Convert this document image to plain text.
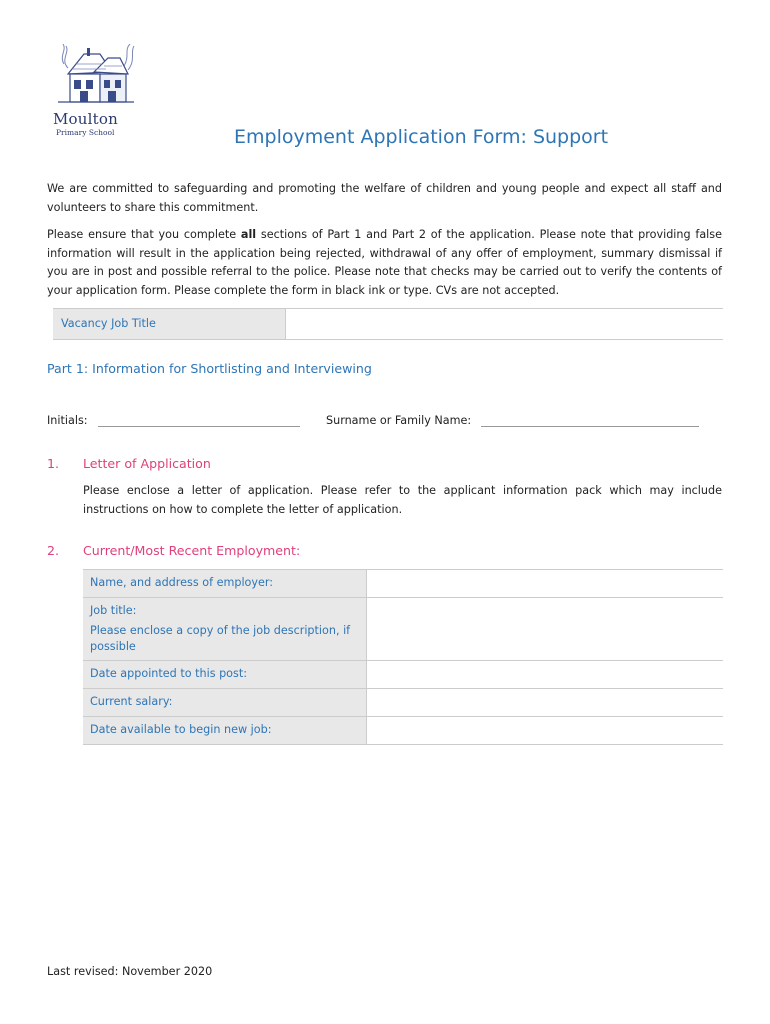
Moulton
Primary School	Employment Application Form: Support

We are committed to safeguarding and promoting the welfare of children and young people and expect all staff and volunteers to share this commitment.

Please ensure that you complete all sections of Part 1 and Part 2 of the application. Please note that providing false information will result in the application being rejected, withdrawal of any offer of employment, summary dismissal if you are in post and possible referral to the police. Please note that checks may be carried out to verify the contents of your application form. Please complete the form in black ink or type. CVs are not accepted.

Vacancy Job Title
Part 1: Information for Shortlisting and Interviewing
Initials:	Surname or Family Name:
1. Letter of Application

Please enclose a letter of application. Please refer to the applicant information pack which may include instructions on how to complete the letter of application.

2. Current/Most Recent Employment:
Name, and address of employer:	
Job title:
Please enclose a copy of the job description, if possible	

Date appointed to this post:	
Current salary:	
Date available to begin new job:	
Last revised: November 2020
